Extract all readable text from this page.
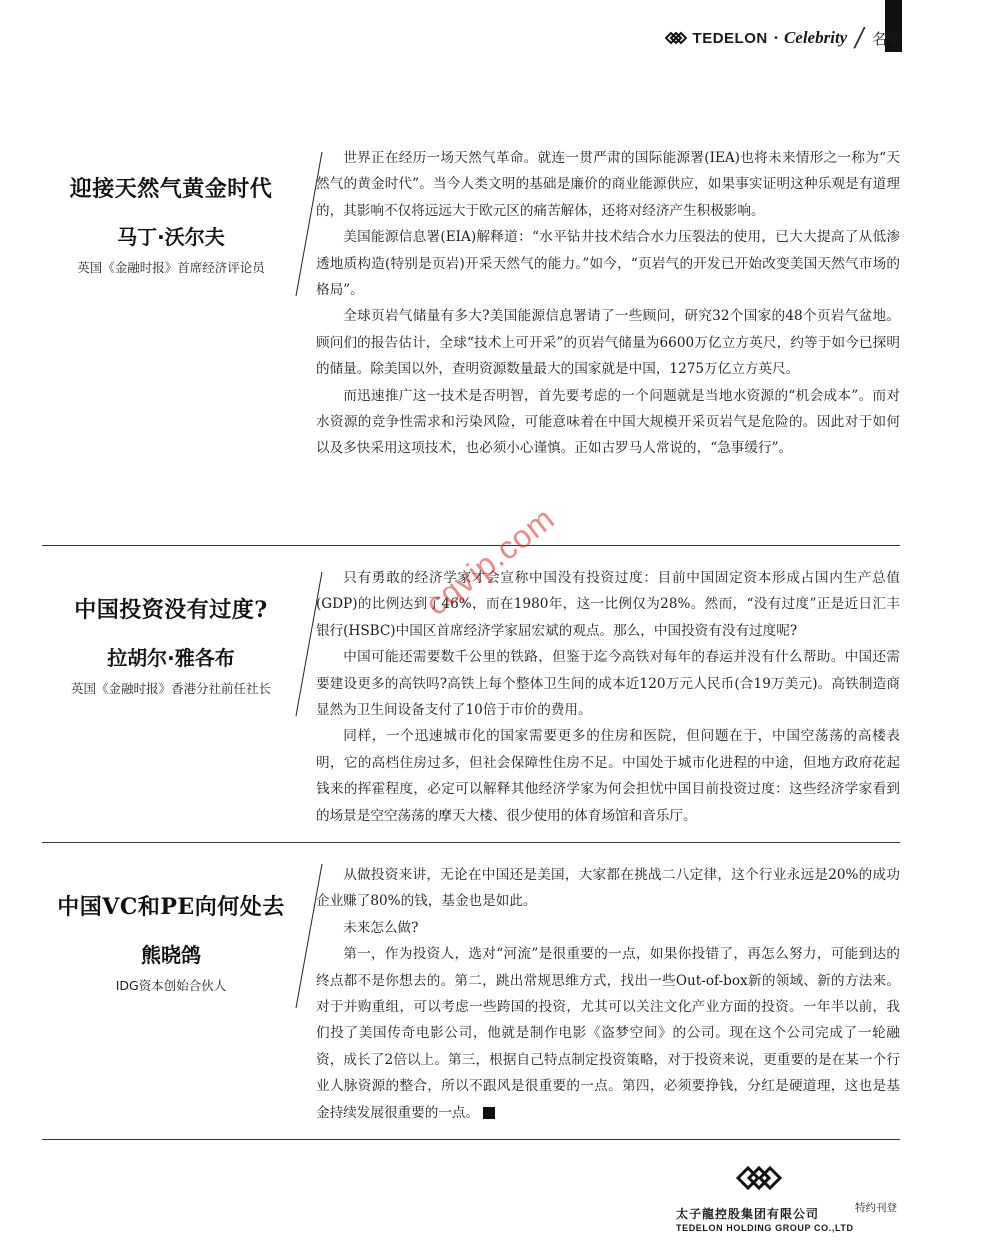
TEDELON · Celebrity / 名家
迎接天然气黄金时代
马丁·沃尔夫
英国《金融时报》首席经济评论员

世界正在经历一场天然气革命。就连一贯严肃的国际能源署(IEA)也将未来情形之一称为“天然气的黄金时代”。当今人类文明的基础是廉价的商业能源供应，如果事实证明这种乐观是有道理的，其影响不仅将远远大于欧元区的痛苦解体，还将对经济产生积极影响。

美国能源信息署(EIA)解释道：“水平钻井技术结合水力压裂法的使用，已大大提高了从低渗透地质构造(特别是页岩)开采天然气的能力。”如今，“页岩气的开发已开始改变美国天然气市场的格局”。

全球页岩气储量有多大?美国能源信息署请了一些顾问，研究32个国家的48个页岩气盆地。顾问们的报告估计，全球“技术上可开采”的页岩气储量为6600万亿立方英尺，约等于如今已探明的储量。除美国以外，查明资源数量最大的国家就是中国，1275万亿立方英尺。

而迅速推广这一技术是否明智，首先要考虑的一个问题就是当地水资源的“机会成本”。而对水资源的竞争性需求和污染风险，可能意味着在中国大规模开采页岩气是危险的。因此对于如何以及多快采用这项技术，也必须小心谨慎。正如古罗马人常说的，“急事缓行”。

中国投资没有过度?
拉胡尔·雅各布
英国《金融时报》香港分社前任社长

只有勇敢的经济学家才会宣称中国没有投资过度：目前中国固定资本形成占国内生产总值(GDP)的比例达到了46%，而在1980年，这一比例仅为28%。然而，“没有过度”正是近日汇丰银行(HSBC)中国区首席经济学家屈宏斌的观点。那么，中国投资有没有过度呢?

中国可能还需要数千公里的铁路，但鉴于迄今高铁对每年的春运并没有什么帮助。中国还需要建设更多的高铁吗?高铁上每个整体卫生间的成本近120万元人民币(合19万美元)。高铁制造商显然为卫生间设备支付了10倍于市价的费用。

同样，一个迅速城市化的国家需要更多的住房和医院，但问题在于，中国空荡荡的高楼表明，它的高档住房过多，但社会保障性住房不足。中国处于城市化进程的中途，但地方政府花起钱来的挥霍程度，必定可以解释其他经济学家为何会担忧中国目前投资过度：这些经济学家看到的场景是空空荡荡的摩天大楼、很少使用的体育场馆和音乐厅。

中国VC和PE向何处去
熊晓鸽
IDG资本创始合伙人

从做投资来讲，无论在中国还是美国，大家都在挑战二八定律，这个行业永远是20%的成功企业赚了80%的钱，基金也是如此。

未来怎么做?

第一，作为投资人，选对“河流”是很重要的一点，如果你投错了，再怎么努力，可能到达的终点都不是你想去的。第二，跳出常规思维方式，找出一些Out-of-box新的领域、新的方法来。对于并购重组，可以考虑一些跨国的投资，尤其可以关注文化产业方面的投资。一年半以前，我们投了美国传奇电影公司，他就是制作电影《盗梦空间》的公司。现在这个公司完成了一轮融资，成长了2倍以上。第三，根据自己特点制定投资策略，对于投资来说，更重要的是在某一个行业人脉资源的整合，所以不跟风是很重要的一点。第四，必须要挣钱，分红是硬道理，这也是基金持续发展很重要的一点。	简

cqvip.com
特约刊登
太子龍控股集团有限公司
TEDELON HOLDING GROUP CO.,LTD
